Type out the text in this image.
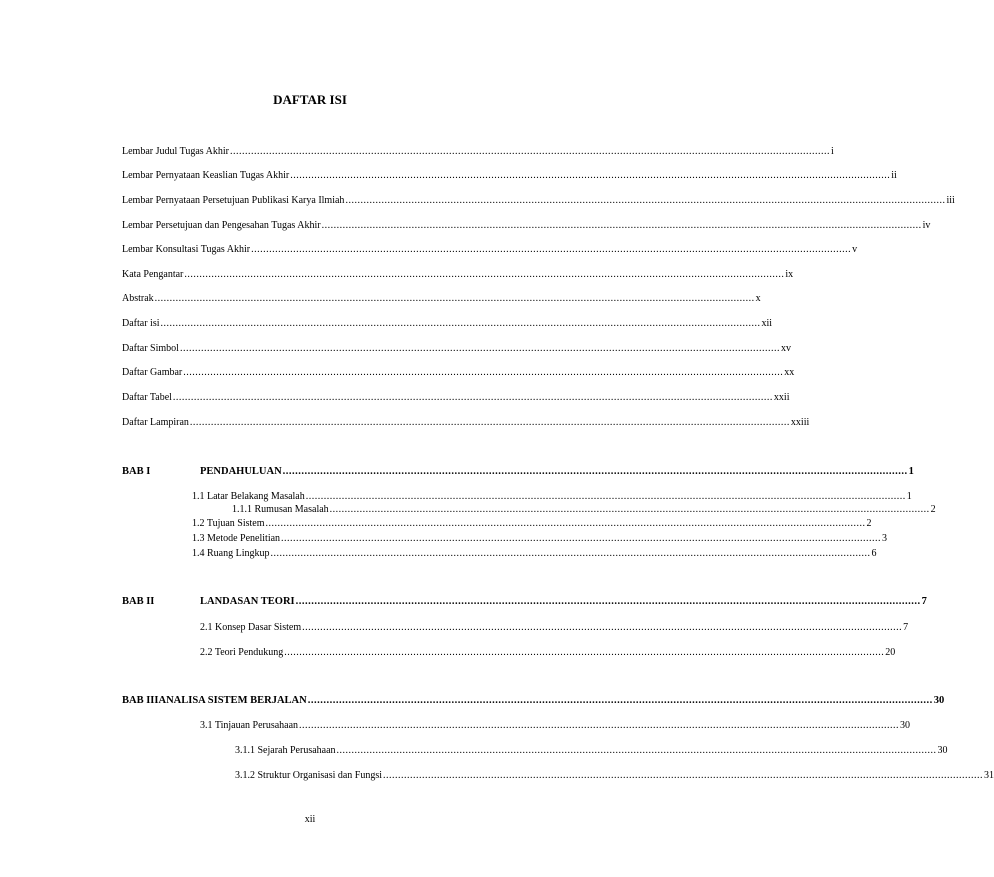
DAFTAR ISI
Lembar Judul Tugas Akhir ........................................................................................................................................................................................................ i
Lembar Pernyataan Keaslian Tugas Akhir ........................................................................................................................................................................................................ ii
Lembar Pernyataan Persetujuan Publikasi Karya Ilmiah ........................................................................................................................................................................................................ iii
Lembar Persetujuan dan Pengesahan Tugas Akhir ........................................................................................................................................................................................................ iv
Lembar Konsultasi Tugas Akhir ........................................................................................................................................................................................................ v
Kata Pengantar ........................................................................................................................................................................................................ ix
Abstrak ........................................................................................................................................................................................................ x
Daftar isi ........................................................................................................................................................................................................ xii
Daftar Simbol ........................................................................................................................................................................................................ xv
Daftar Gambar ........................................................................................................................................................................................................ xx
Daftar Tabel ........................................................................................................................................................................................................ xxii
Daftar Lampiran ........................................................................................................................................................................................................ xxiii
BAB I	PENDAHULUAN ........................................................................................................................................................................................................ 1
1.1 Latar Belakang Masalah ........................................................................................................................................................................................................ 1
1.1.1 Rumusan Masalah ........................................................................................................................................................................................................ 2
1.2 Tujuan Sistem ........................................................................................................................................................................................................ 2
1.3 Metode Penelitian ........................................................................................................................................................................................................ 3
1.4 Ruang Lingkup ........................................................................................................................................................................................................ 6
BAB II	LANDASAN TEORI ........................................................................................................................................................................................................ 7
2.1 Konsep Dasar Sistem ........................................................................................................................................................................................................ 7
2.2 Teori Pendukung ........................................................................................................................................................................................................ 20
BAB III ANALISA SISTEM BERJALAN ........................................................................................................................................................................................................ 30
3.1 Tinjauan Perusahaan ........................................................................................................................................................................................................ 30
3.1.1 Sejarah Perusahaan ........................................................................................................................................................................................................ 30
3.1.2 Struktur Organisasi dan Fungsi ........................................................................................................................................................................................................ 31
xii
